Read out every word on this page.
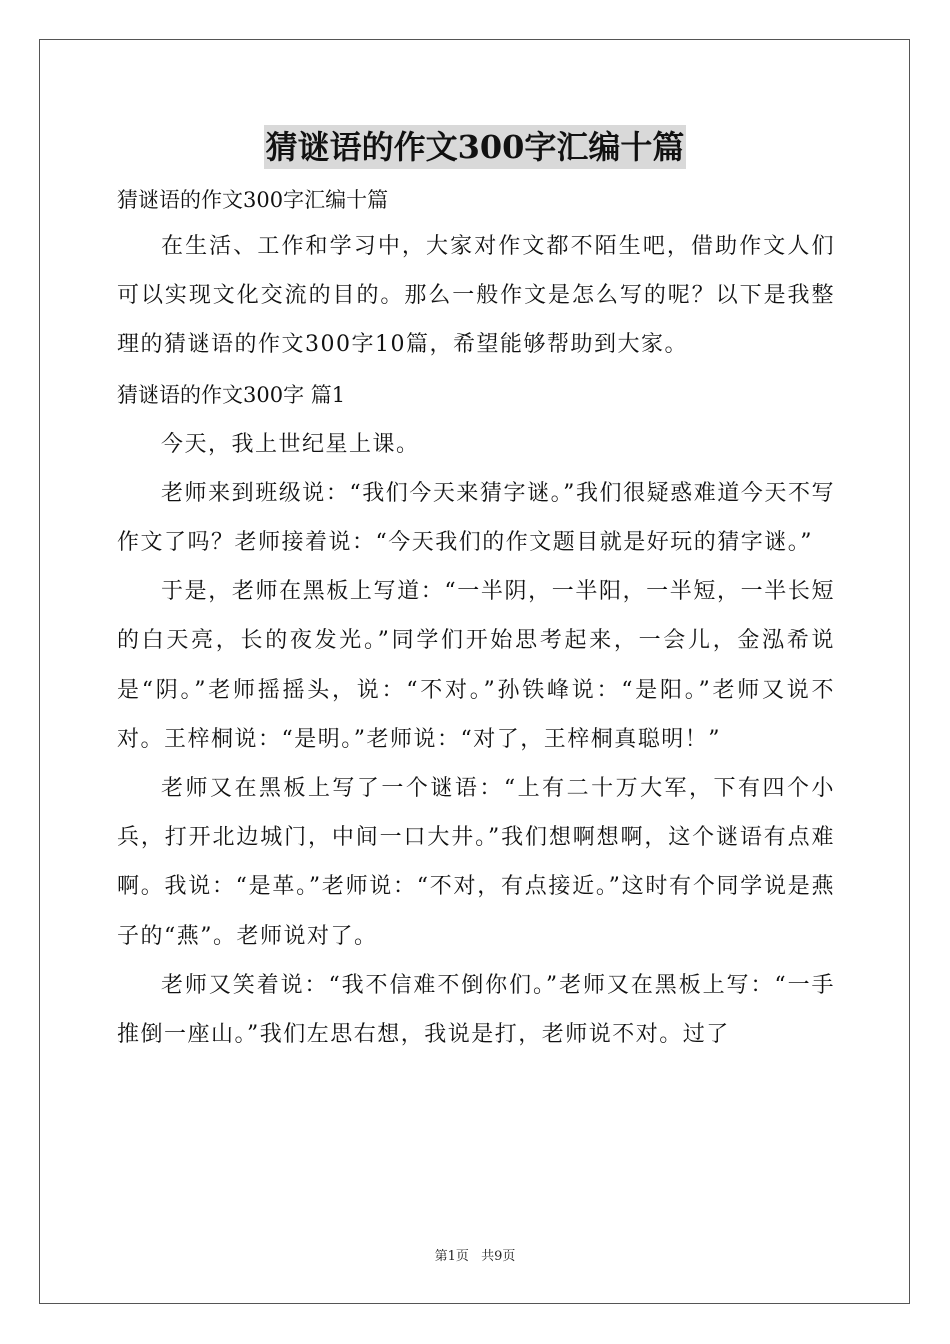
猜谜语的作文300字汇编十篇

猜谜语的作文300字汇编十篇

在生活、工作和学习中，大家对作文都不陌生吧，借助作文人们可以实现文化交流的目的。那么一般作文是怎么写的呢？以下是我整理的猜谜语的作文300字10篇，希望能够帮助到大家。

猜谜语的作文300字 篇1

今天，我上世纪星上课。

老师来到班级说：“我们今天来猜字谜。”我们很疑惑难道今天不写作文了吗？老师接着说：“今天我们的作文题目就是好玩的猜字谜。”

于是，老师在黑板上写道：“一半阴，一半阳，一半短，一半长短的白天亮，长的夜发光。”同学们开始思考起来，一会儿，金泓希说是“阴。”老师摇摇头，说：“不对。”孙铁峰说：“是阳。”老师又说不对。王梓桐说：“是明。”老师说：“对了，王梓桐真聪明！”

老师又在黑板上写了一个谜语：“上有二十万大军，下有四个小兵，打开北边城门，中间一口大井。”我们想啊想啊，这个谜语有点难啊。我说：“是革。”老师说：“不对，有点接近。”这时有个同学说是燕子的“燕”。老师说对了。

老师又笑着说：“我不信难不倒你们。”老师又在黑板上写：“一手推倒一座山。”我们左思右想，我说是打，老师说不对。过了

第1页 共9页
